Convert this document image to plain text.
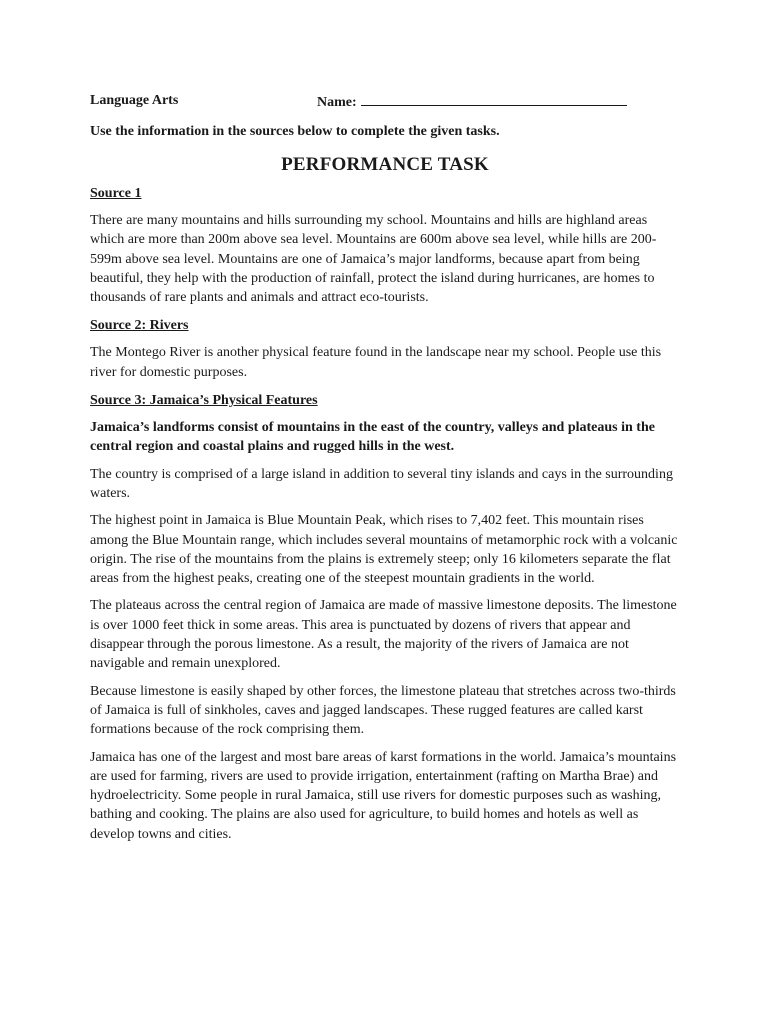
Language Arts	Name:
Use the information in the sources below to complete the given tasks.
PERFORMANCE TASK
Source 1

There are many mountains and hills surrounding my school. Mountains and hills are highland areas which are more than 200m above sea level. Mountains are 600m above sea level, while hills are 200-599m above sea level. Mountains are one of Jamaica’s major landforms, because apart from being beautiful, they help with the production of rainfall, protect the island during hurricanes, are homes to thousands of rare plants and animals and attract eco-tourists.

Source 2: Rivers

The Montego River is another physical feature found in the landscape near my school. People use this river for domestic purposes.

Source 3: Jamaica’s Physical Features

Jamaica’s landforms consist of mountains in the east of the country, valleys and plateaus in the central region and coastal plains and rugged hills in the west.

The country is comprised of a large island in addition to several tiny islands and cays in the surrounding waters.

The highest point in Jamaica is Blue Mountain Peak, which rises to 7,402 feet. This mountain rises among the Blue Mountain range, which includes several mountains of metamorphic rock with a volcanic origin. The rise of the mountains from the plains is extremely steep; only 16 kilometers separate the flat areas from the highest peaks, creating one of the steepest mountain gradients in the world.

The plateaus across the central region of Jamaica are made of massive limestone deposits. The limestone is over 1000 feet thick in some areas. This area is punctuated by dozens of rivers that appear and disappear through the porous limestone. As a result, the majority of the rivers of Jamaica are not navigable and remain unexplored.

Because limestone is easily shaped by other forces, the limestone plateau that stretches across two-thirds of Jamaica is full of sinkholes, caves and jagged landscapes. These rugged features are called karst formations because of the rock comprising them.

Jamaica has one of the largest and most bare areas of karst formations in the world. Jamaica’s mountains are used for farming, rivers are used to provide irrigation, entertainment (rafting on Martha Brae) and hydroelectricity. Some people in rural Jamaica, still use rivers for domestic purposes such as washing, bathing and cooking. The plains are also used for agriculture, to build homes and hotels as well as develop towns and cities.
